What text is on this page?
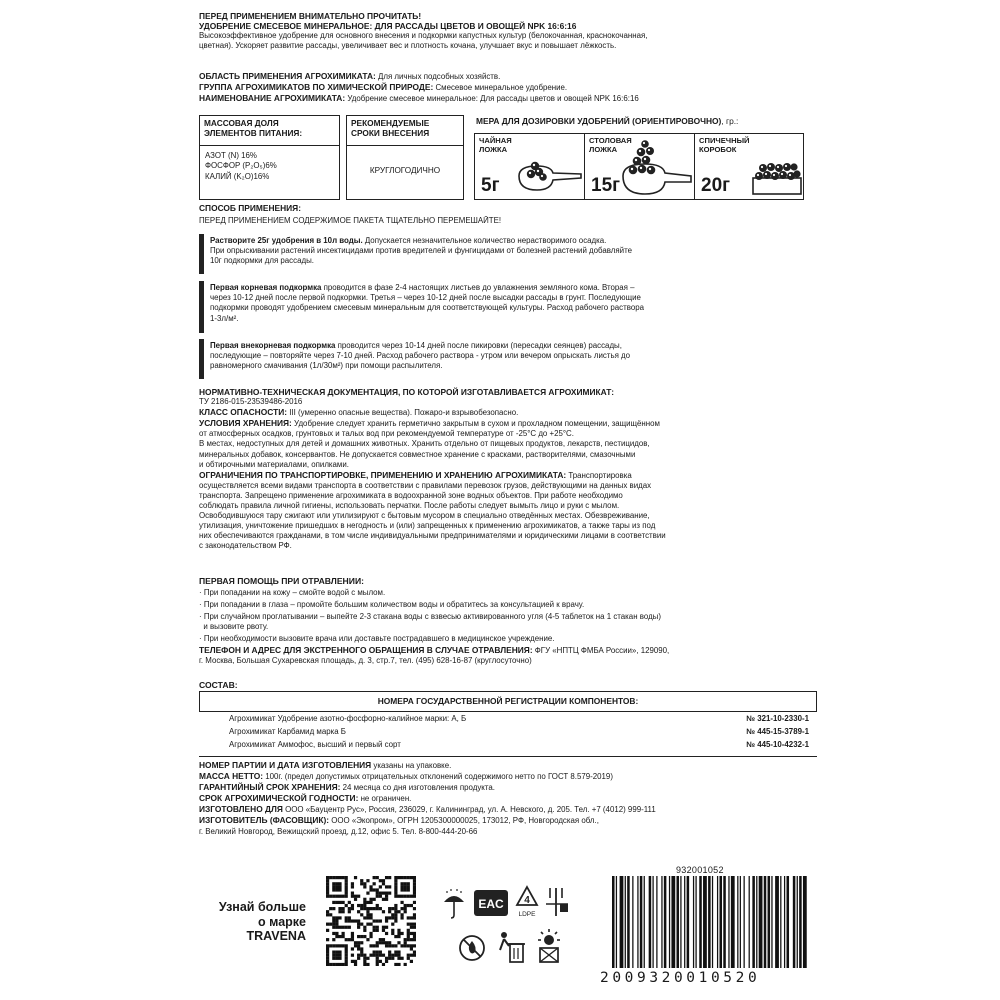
ПЕРЕД ПРИМЕНЕНИЕМ ВНИМАТЕЛЬНО ПРОЧИТАТЬ!
УДОБРЕНИЕ СМЕСЕВОЕ МИНЕРАЛЬНОЕ: ДЛЯ РАССАДЫ ЦВЕТОВ И ОВОЩЕЙ NPK 16:6:16
Высокоэффективное удобрение для основного внесения и подкормки капустных культур (белокочанная, краснокочанная,
цветная). Ускоряет развитие рассады, увеличивает вес и плотность кочана, улучшает вкус и повышает лёжкость.
ОБЛАСТЬ ПРИМЕНЕНИЯ АГРОХИМИКАТА: Для личных подсобных хозяйств.
ГРУППА АГРОХИМИКАТОВ ПО ХИМИЧЕСКОЙ ПРИРОДЕ: Смесевое минеральное удобрение.
НАИМЕНОВАНИЕ АГРОХИМИКАТА: Удобрение смесевое минеральное: Для рассады цветов и овощей NPK 16:6:16
МАССОВАЯ ДОЛЯ
ЭЛЕМЕНТОВ ПИТАНИЯ:
АЗОТ (N) 16%
ФОСФОР (P₂O₅)6%
КАЛИЙ (K₂O)16%
РЕКОМЕНДУЕМЫЕ
СРОКИ ВНЕСЕНИЯ
КРУГЛОГОДИЧНО
МЕРА ДЛЯ ДОЗИРОВКИ УДОБРЕНИЙ (ОРИЕНТИРОВОЧНО), гр.:
ЧАЙНАЯ
ЛОЖКА
5г
СТОЛОВАЯ
ЛОЖКА
15г
СПИЧЕЧНЫЙ
КОРОБОК
20г
СПОСОБ ПРИМЕНЕНИЯ:
ПЕРЕД ПРИМЕНЕНИЕМ СОДЕРЖИМОЕ ПАКЕТА ТЩАТЕЛЬНО ПЕРЕМЕШАЙТЕ!
Растворите 25г удобрения в 10л воды. Допускается незначительное количество нерастворимого осадка.
При опрыскивании растений инсектицидами против вредителей и фунгицидами от болезней растений добавляйте
10г подкормки для рассады.
Первая корневая подкормка проводится в фазе 2-4 настоящих листьев до увлажнения земляного кома. Вторая –
через 10-12 дней после первой подкормки. Третья – через 10-12 дней после высадки рассады в грунт. Последующие
подкормки проводят удобрением смесевым минеральным для соответствующей культуры. Расход рабочего раствора
1-3л/м².
Первая внекорневая подкормка проводится через 10-14 дней после пикировки (пересадки сеянцев) рассады,
последующие – повторяйте через 7-10 дней. Расход рабочего раствора - утром или вечером опрыскать листья до
равномерного смачивания (1л/30м²) при помощи распылителя.
НОРМАТИВНО-ТЕХНИЧЕСКАЯ ДОКУМЕНТАЦИЯ, ПО КОТОРОЙ ИЗГОТАВЛИВАЕТСЯ АГРОХИМИКАТ:
ТУ 2186-015-23539486-2016
КЛАСС ОПАСНОСТИ: III (умеренно опасные вещества). Пожаро-и взрывобезопасно.
УСЛОВИЯ ХРАНЕНИЯ: Удобрение следует хранить герметично закрытым в сухом и прохладном помещении, защищённом
от атмосферных осадков, грунтовых и талых вод при рекомендуемой температуре от -25°С до +25°С.
В местах, недоступных для детей и домашних животных. Хранить отдельно от пищевых продуктов, лекарств, пестицидов,
минеральных добавок, консервантов. Не допускается совместное хранение с красками, растворителями, смазочными
и обтирочными материалами, опилками.
ОГРАНИЧЕНИЯ ПО ТРАНСПОРТИРОВКЕ, ПРИМЕНЕНИЮ И ХРАНЕНИЮ АГРОХИМИКАТА: Транспортировка
осуществляется всеми видами транспорта в соответствии с правилами перевозок грузов, действующими на данных видах
транспорта. Запрещено применение агрохимиката в водоохранной зоне водных объектов. При работе необходимо
соблюдать правила личной гигиены, использовать перчатки. После работы следует вымыть лицо и руки с мылом.
Освободившуюся тару сжигают или утилизируют с бытовым мусором в специально отведённых местах. Обезвреживание,
утилизация, уничтожение пришедших в негодность и (или) запрещенных к применению агрохимикатов, а также тары из под
них обеспечиваются гражданами, в том числе индивидуальными предпринимателями и юридическими лицами в соответствии
с законодательством РФ.
ПЕРВАЯ ПОМОЩЬ ПРИ ОТРАВЛЕНИИ:
· При попадании на кожу – смойте водой с мылом.
· При попадании в глаза – промойте большим количеством воды и обратитесь за консультацией к врачу.
· При случайном проглатывании – выпейте 2-3 стакана воды с взвесью активированного угля (4-5 таблеток на 1 стакан воды)
и вызовите рвоту.
· При необходимости вызовите врача или доставьте пострадавшего в медицинское учреждение.
ТЕЛЕФОН И АДРЕС ДЛЯ ЭКСТРЕННОГО ОБРАЩЕНИЯ В СЛУЧАЕ ОТРАВЛЕНИЯ: ФГУ «НПТЦ ФМБА России», 129090,
г. Москва, Большая Сухаревская площадь, д. 3, стр.7, тел. (495) 628-16-87 (круглосуточно)
СОСТАВ:
НОМЕРА ГОСУДАРСТВЕННОЙ РЕГИСТРАЦИИ КОМПОНЕНТОВ:
Агрохимикат Удобрение азотно-фосфорно-калийное марки: А, Б	№ 321-10-2330-1
Агрохимикат Карбамид марка Б	№ 445-15-3789-1
Агрохимикат Аммофос, высший и первый сорт	№ 445-10-4232-1
НОМЕР ПАРТИИ И ДАТА ИЗГОТОВЛЕНИЯ указаны на упаковке.
МАССА НЕТТО: 100г. (предел допустимых отрицательных отклонений содержимого нетто по ГОСТ 8.579-2019)
ГАРАНТИЙНЫЙ СРОК ХРАНЕНИЯ: 24 месяца со дня изготовления продукта.
СРОК АГРОХИМИЧЕСКОЙ ГОДНОСТИ: не ограничен.
ИЗГОТОВЛЕНО ДЛЯ ООО «Бауцентр Рус», Россия, 236029, г. Калининград, ул. А. Невского, д. 205. Тел. +7 (4012) 999-111
ИЗГОТОВИТЕЛЬ (ФАСОВЩИК): ООО «Экопром», ОГРН 1205300000025, 173012, РФ, Новгородская обл.,
г. Великий Новгород, Вежищский проезд, д.12, офис 5. Тел. 8-800-444-20-66
Узнай больше
о марке
TRAVENA
EAC 4
LDPE
932001052
2009320010520
